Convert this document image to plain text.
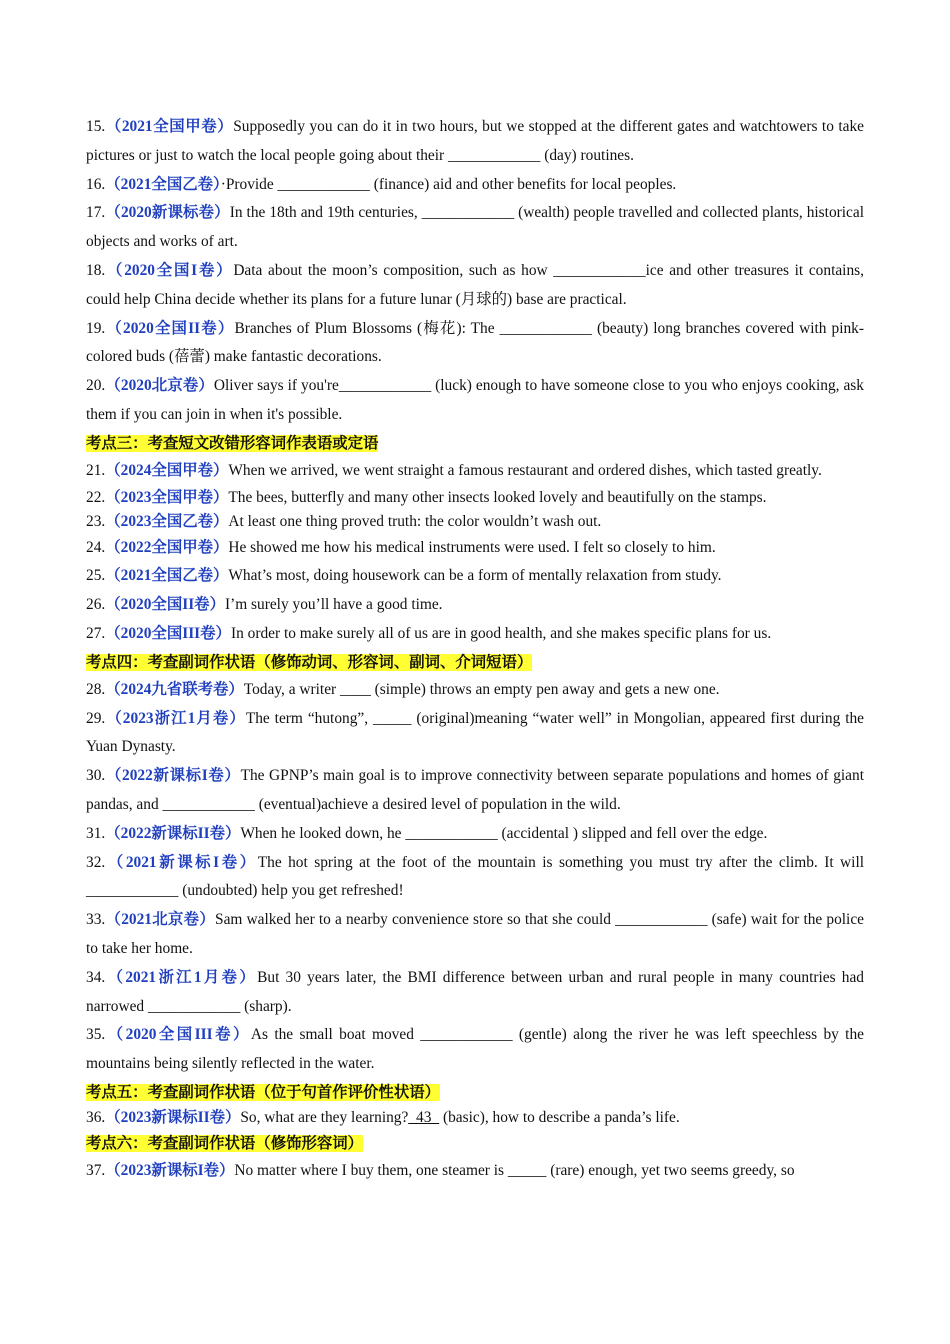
15.（2021全国甲卷）Supposedly you can do it in two hours, but we stopped at the different gates and watchtowers to take pictures or just to watch the local people going about their ____________ (day) routines.
16.（2021全国乙卷）·Provide ____________ (finance) aid and other benefits for local peoples.
17.（2020新课标卷）In the 18th and 19th centuries, ____________ (wealth) people travelled and collected plants, historical objects and works of art.
18.（2020全国I卷）Data about the moon’s composition, such as how ____________ice and other treasures it contains, could help China decide whether its plans for a future lunar (月球的) base are practical.
19.（2020全国II卷）Branches of Plum Blossoms (梅花): The ____________ (beauty) long branches covered with pink-colored buds (蓓蕾) make fantastic decorations.
20.（2020北京卷）Oliver says if you're____________ (luck) enough to have someone close to you who enjoys cooking, ask them if you can join in when it's possible.
考点三：考查短文改错形容词作表语或定语
21.（2024全国甲卷）When we arrived, we went straight a famous restaurant and ordered dishes, which tasted greatly.
22.（2023全国甲卷）The bees, butterfly and many other insects looked lovely and beautifully on the stamps.
23.（2023全国乙卷）At least one thing proved truth: the color wouldn’t wash out.
24.（2022全国甲卷）He showed me how his medical instruments were used. I felt so closely to him.
25.（2021全国乙卷）What’s most, doing housework can be a form of mentally relaxation from study.
26.（2020全国II卷）I’m surely you’ll have a good time.
27.（2020全国III卷）In order to make surely all of us are in good health, and she makes specific plans for us.
考点四：考查副词作状语（修饰动词、形容词、副词、介词短语）
28.（2024九省联考卷）Today, a writer ____ (simple) throws an empty pen away and gets a new one.
29.（2023浙江1月卷）The term “hutong”, _____ (original)meaning “water well” in Mongolian, appeared first during the Yuan Dynasty.
30.（2022新课标I卷）The GPNP’s main goal is to improve connectivity between separate populations and homes of giant pandas, and ____________ (eventual)achieve a desired level of population in the wild.
31.（2022新课标II卷）When he looked down, he ____________ (accidental ) slipped and fell over the edge.
32.（2021新课标I卷）The hot spring at the foot of the mountain is something you must try after the climb. It will ____________ (undoubted) help you get refreshed!
33.（2021北京卷）Sam walked her to a nearby convenience store so that she could ____________ (safe) wait for the police to take her home.
34.（2021浙江1月卷）But 30 years later, the BMI difference between urban and rural people in many countries had narrowed ____________ (sharp).
35.（2020全国III卷）As the small boat moved ____________ (gentle) along the river he was left speechless by the mountains being silently reflected in the water.
考点五：考查副词作状语（位于句首作评价性状语）
36.（2023新课标II卷）So, what are they learning?_43_ (basic), how to describe a panda’s life.
考点六：考查副词作状语（修饰形容词）
37.（2023新课标I卷）No matter where I buy them, one steamer is _____ (rare) enough, yet two seems greedy, so
